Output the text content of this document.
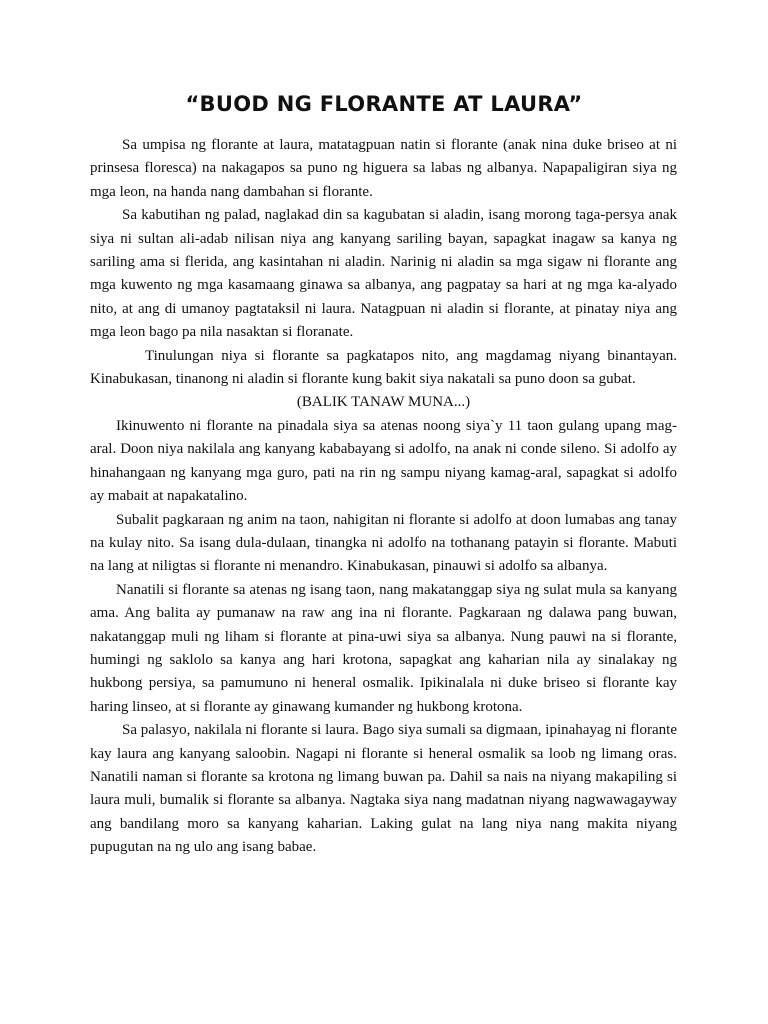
“BUOD NG FLORANTE AT LAURA”

Sa umpisa ng florante at laura, matatagpuan natin si florante (anak nina duke briseo at ni prinsesa floresca) na nakagapos sa puno ng higuera sa labas ng albanya. Napapaligiran siya ng mga leon, na handa nang dambahan si florante.

Sa kabutihan ng palad, naglakad din sa kagubatan si aladin, isang morong taga-persya anak siya ni sultan ali-adab nilisan niya ang kanyang sariling bayan, sapagkat inagaw sa kanya ng sariling ama si flerida, ang kasintahan ni aladin. Narinig ni aladin sa mga sigaw ni florante ang mga kuwento ng mga kasamaang ginawa sa albanya, ang pagpatay sa hari at ng mga ka-alyado nito, at ang di umanoy pagtataksil ni laura. Natagpuan ni aladin si florante, at pinatay niya ang mga leon bago pa nila nasaktan si floranate.

Tinulungan niya si florante sa pagkatapos nito, ang magdamag niyang binantayan. Kinabukasan, tinanong ni aladin si florante kung bakit siya nakatali sa puno doon sa gubat.

(BALIK TANAW MUNA...)

Ikinuwento ni florante na pinadala siya sa atenas noong siya`y 11 taon gulang upang mag-aral. Doon niya nakilala ang kanyang kababayang si adolfo, na anak ni conde sileno. Si adolfo ay hinahangaan ng kanyang mga guro, pati na rin ng sampu niyang kamag-aral, sapagkat si adolfo ay mabait at napakatalino.

Subalit pagkaraan ng anim na taon, nahigitan ni florante si adolfo at doon lumabas ang tanay na kulay nito. Sa isang dula-dulaan, tinangka ni adolfo na tothanang patayin si florante. Mabuti na lang at niligtas si florante ni menandro. Kinabukasan, pinauwi si adolfo sa albanya.

Nanatili si florante sa atenas ng isang taon, nang makatanggap siya ng sulat mula sa kanyang ama. Ang balita ay pumanaw na raw ang ina ni florante. Pagkaraan ng dalawa pang buwan, nakatanggap muli ng liham si florante at pina-uwi siya sa albanya. Nung pauwi na si florante, humingi ng saklolo sa kanya ang hari krotona, sapagkat ang kaharian nila ay sinalakay ng hukbong persiya, sa pamumuno ni heneral osmalik. Ipikinalala ni duke briseo si florante kay haring linseo, at si florante ay ginawang kumander ng hukbong krotona.

Sa palasyo, nakilala ni florante si laura. Bago siya sumali sa digmaan, ipinahayag ni florante kay laura ang kanyang saloobin. Nagapi ni florante si heneral osmalik sa loob ng limang oras. Nanatili naman si florante sa krotona ng limang buwan pa. Dahil sa nais na niyang makapiling si laura muli, bumalik si florante sa albanya. Nagtaka siya nang madatnan niyang nagwawagayway ang bandilang moro sa kanyang kaharian. Laking gulat na lang niya nang makita niyang pupugutan na ng ulo ang isang babae.
